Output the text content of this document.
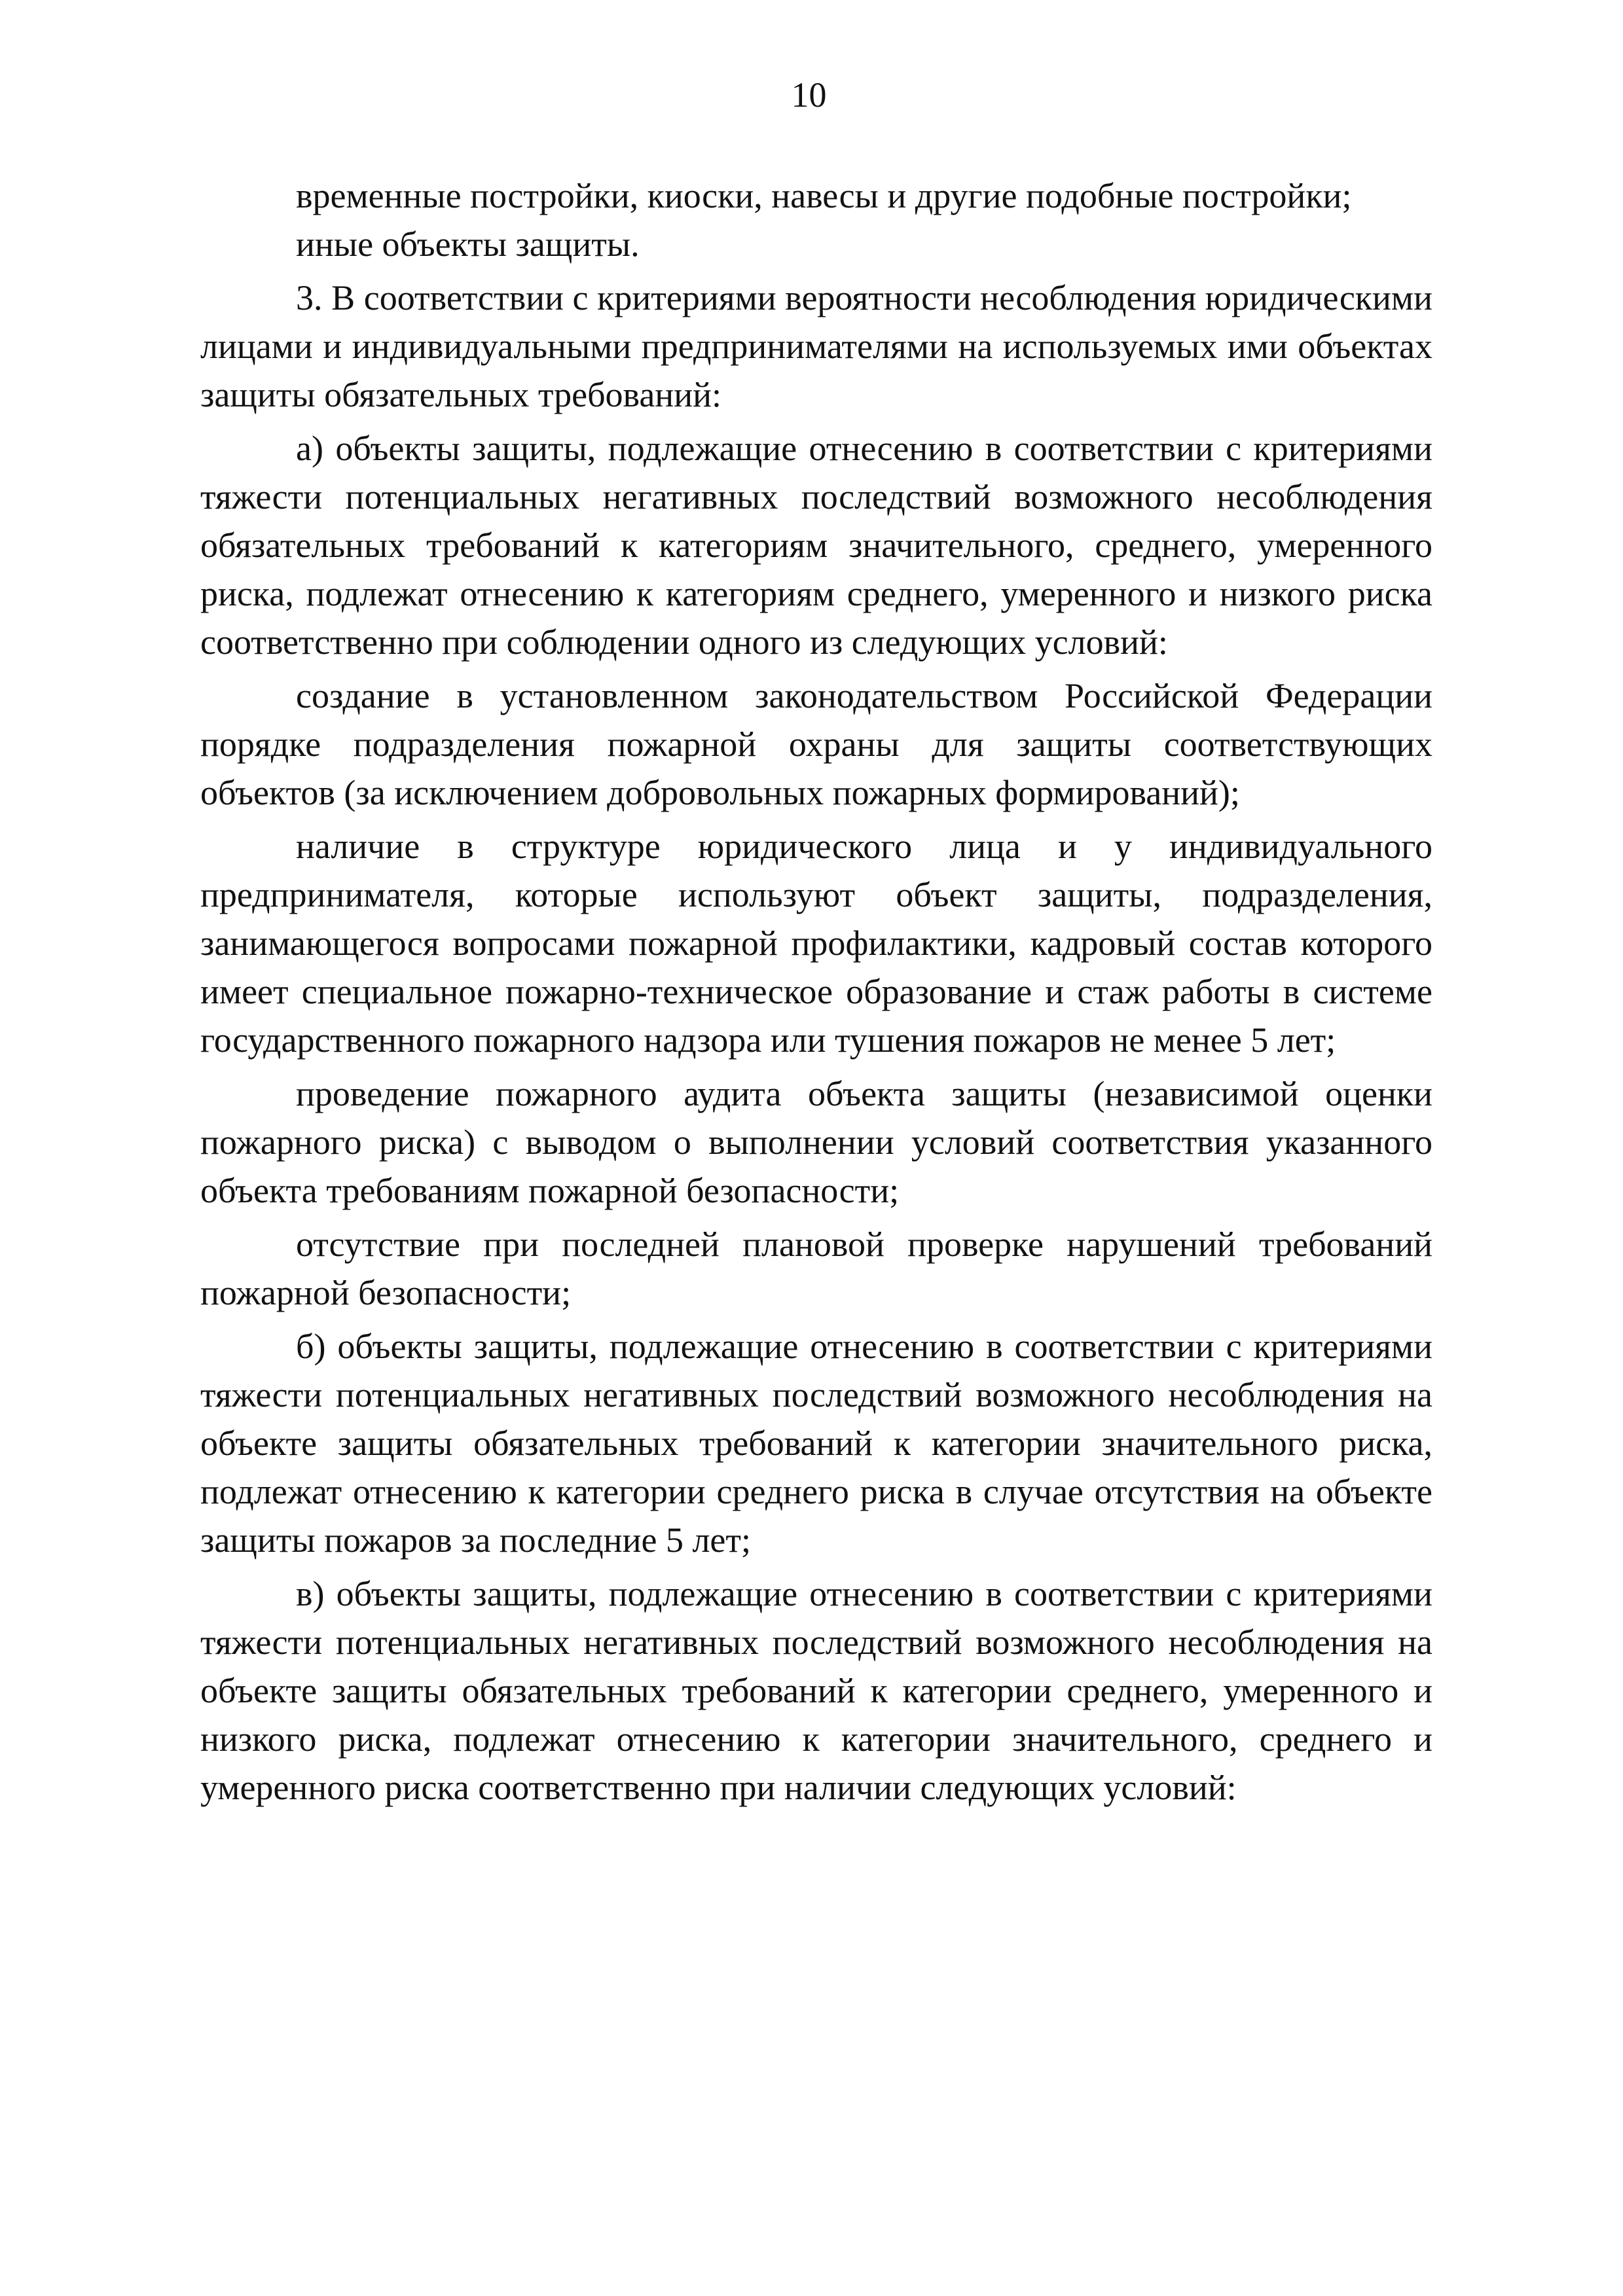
10

временные постройки, киоски, навесы и другие подобные постройки;

иные объекты защиты.

3. В соответствии с критериями вероятности несоблюдения юридическими лицами и индивидуальными предпринимателями на используемых ими объектах защиты обязательных требований:

а) объекты защиты, подлежащие отнесению в соответствии с критериями тяжести потенциальных негативных последствий возможного несоблюдения обязательных требований к категориям значительного, среднего, умеренного риска, подлежат отнесению к категориям среднего, умеренного и низкого риска соответственно при соблюдении одного из следующих условий:

создание в установленном законодательством Российской Федерации порядке подразделения пожарной охраны для защиты соответствующих объектов (за исключением добровольных пожарных формирований);

наличие в структуре юридического лица и у индивидуального предпринимателя, которые используют объект защиты, подразделения, занимающегося вопросами пожарной профилактики, кадровый состав которого имеет специальное пожарно-техническое образование и стаж работы в системе государственного пожарного надзора или тушения пожаров не менее 5 лет;

проведение пожарного аудита объекта защиты (независимой оценки пожарного риска) с выводом о выполнении условий соответствия указанного объекта требованиям пожарной безопасности;

отсутствие при последней плановой проверке нарушений требований пожарной безопасности;

б) объекты защиты, подлежащие отнесению в соответствии с критериями тяжести потенциальных негативных последствий возможного несоблюдения на объекте защиты обязательных требований к категории значительного риска, подлежат отнесению к категории среднего риска в случае отсутствия на объекте защиты пожаров за последние 5 лет;

в) объекты защиты, подлежащие отнесению в соответствии с критериями тяжести потенциальных негативных последствий возможного несоблюдения на объекте защиты обязательных требований к категории среднего, умеренного и низкого риска, подлежат отнесению к категории значительного, среднего и умеренного риска соответственно при наличии следующих условий:
